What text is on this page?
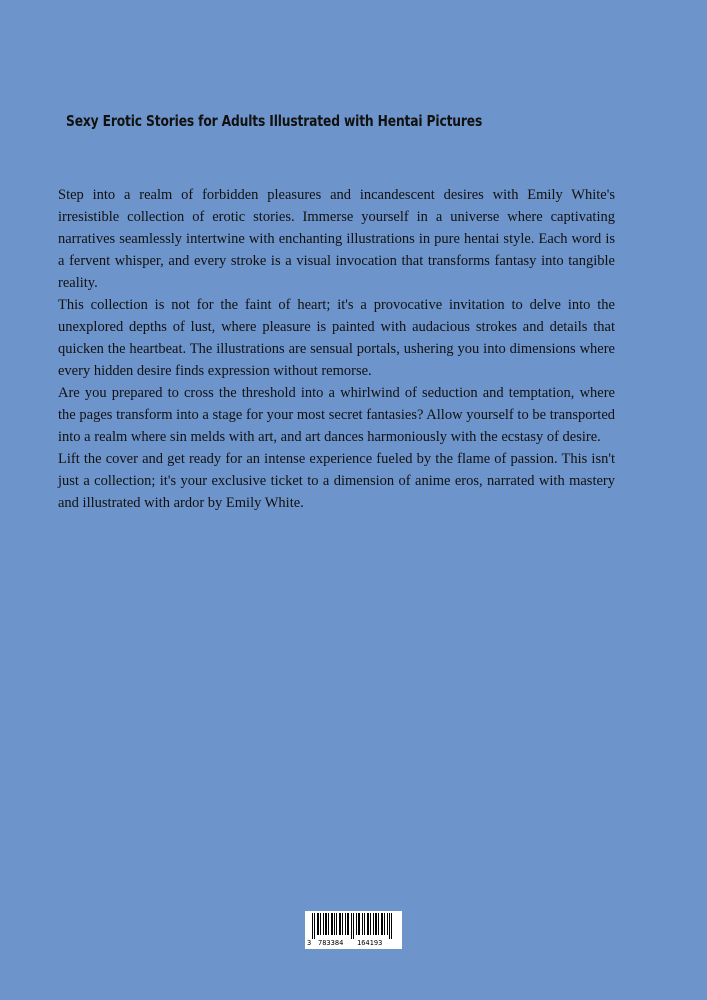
Sexy Erotic Stories for Adults Illustrated with Hentai Pictures

Step into a realm of forbidden pleasures and incandescent desires with Emily White's irresistible collection of erotic stories. Immerse yourself in a universe where captivating narratives seamlessly intertwine with enchanting illustrations in pure hentai style. Each word is a fervent whisper, and every stroke is a visual invocation that transforms fantasy into tangible reality.

This collection is not for the faint of heart; it's a provocative invitation to delve into the unexplored depths of lust, where pleasure is painted with audacious strokes and details that quicken the heartbeat. The illustrations are sensual portals, ushering you into dimensions where every hidden desire finds expression without remorse.

Are you prepared to cross the threshold into a whirlwind of seduction and temptation, where the pages transform into a stage for your most secret fantasies? Allow yourself to be transported into a realm where sin melds with art, and art dances harmoniously with the ecstasy of desire.

Lift the cover and get ready for an intense experience fueled by the flame of passion. This isn't just a collection; it's your exclusive ticket to a dimension of anime eros, narrated with mastery and illustrated with ardor by Emily White.

3 783384 164193
